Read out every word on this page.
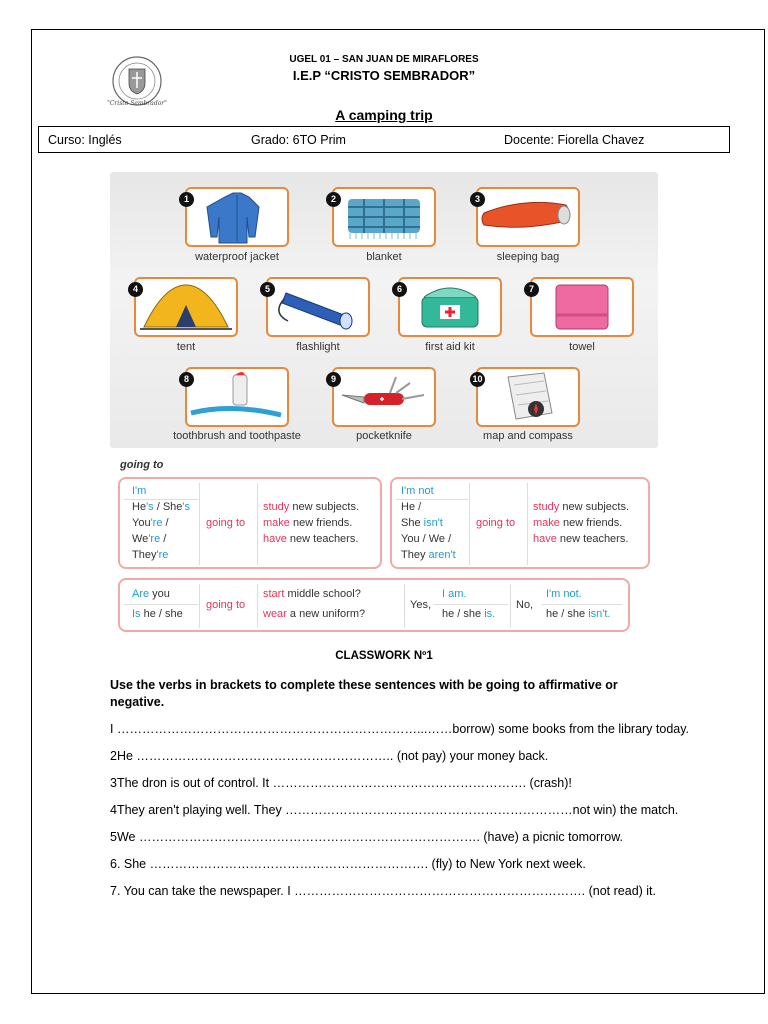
"Cristo Sembrador"
UGEL 01 – SAN JUAN DE MIRAFLORES
I.E.P “CRISTO SEMBRADOR”
A camping trip
Curso: Inglés	Grado: 6TO Prim	Docente: Fiorella Chavez
1
waterproof jacket
2
blanket
3
sleeping bag
4
tent
5
flashlight
6
first aid kit
7
towel
8
toothbrush and toothpaste
9
pocketknife
10
map and compass
going to
I'm
He's / She's
You're /
We're /
They're
going to
study new subjects.
make new friends.
have new teachers.
I'm not
He /
She isn't
You / We /
They aren't
going to
study new subjects.
make new friends.
have new teachers.
Are you
Is he / she
going to
start middle school?
wear a new uniform?
Yes,
I am.
he / she is.
No,
I'm not.
he / she isn't.
CLASSWORK Nº1
Use the verbs in brackets to complete these sentences with be going to affirmative or negative.
I ………………………………………………………………...……borrow) some books from the library today.
2He …………………………………………………….. (not pay) your money back.
3The dron is out of control. It ……………………………………………………. (crash)!
4They aren't playing well. They ……………………………………………………………not win) the match.
5We ………………………………………………………………………. (have) a picnic tomorrow.
6. She …………………………………………………………. (fly) to New York next week.
7. You can take the newspaper. I ……………………………………………………………. (not read) it.
